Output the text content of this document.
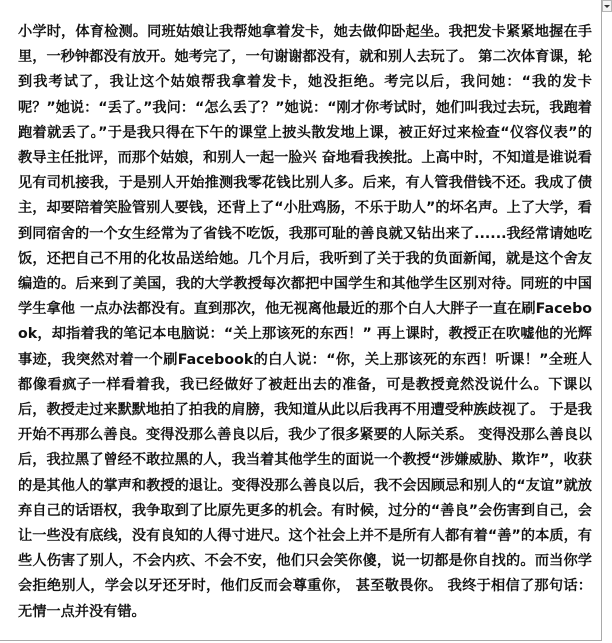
小学时，体育检测。同班姑娘让我帮她拿着发卡，她去做仰卧起坐。我把发卡紧紧地握在手里，一秒钟都没有放开。她考完了，一句谢谢都没有，就和别人去玩了。 第二次体育课，轮到我考试了，我让这个姑娘帮我拿着发卡，她没拒绝。考完以后，我问她：“我的发卡呢？”她说：“丢了。”我问：“怎么丢了？”她说：“刚才你考试时，她们叫我过去玩，我跑着跑着就丢了。”于是我只得在下午的课堂上披头散发地上课，被正好过来检查“仪容仪表”的教导主任批评，而那个姑娘，和别人一起一脸兴 奋地看我挨批。上高中时，不知道是谁说看见有司机接我，于是别人开始推测我零花钱比别人多。后来，有人管我借钱不还。我成了债主，却要陪着笑脸管别人要钱，还背上了“小肚鸡肠，不乐于助人”的坏名声。上了大学，看到同宿舍的一个女生经常为了省钱不吃饭，我那可耻的善良就又钻出来了......我经常请她吃饭，还把自己不用的化妆品送给她。几个月后，我听到了关于我的负面新闻，就是这个舍友编造的。后来到了美国，我的大学教授每次都把中国学生和其他学生区别对待。同班的中国学生拿他 一点办法都没有。直到那次，他无视离他最近的那个白人大胖子一直在刷Facebook，却指着我的笔记本电脑说：“关上那该死的东西！” 再上课时，教授正在吹嘘他的光辉事迹，我突然对着一个刷Facebook的白人说：“你，关上那该死的东西！听课！”全班人都像看疯子一样看着我，我已经做好了被赶出去的准备，可是教授竟然没说什么。下课以后，教授走过来默默地拍了拍我的肩膀，我知道从此以后我再不用遭受种族歧视了。 于是我开始不再那么善良。变得没那么善良以后，我少了很多紧要的人际关系。 变得没那么善良以后，我拉黑了曾经不敢拉黑的人，我当着其他学生的面说一个教授“涉嫌威胁、欺诈”，收获的是其他人的掌声和教授的退让。变得没那么善良以后，我不会因顾忌和别人的“友谊”就放弃自己的话语权，我争取到了比原先更多的机会。有时候，过分的“善良”会伤害到自己，会让一些没有底线，没有良知的人得寸进尺。这个社会上并不是所有人都有着“善”的本质，有些人伤害了别人，不会内疚、不会不安，他们只会笑你傻，说一切都是你自找的。而当你学会拒绝别人，学会以牙还牙时，他们反而会尊重你， 甚至敬畏你。 我终于相信了那句话：无情一点并没有错。
